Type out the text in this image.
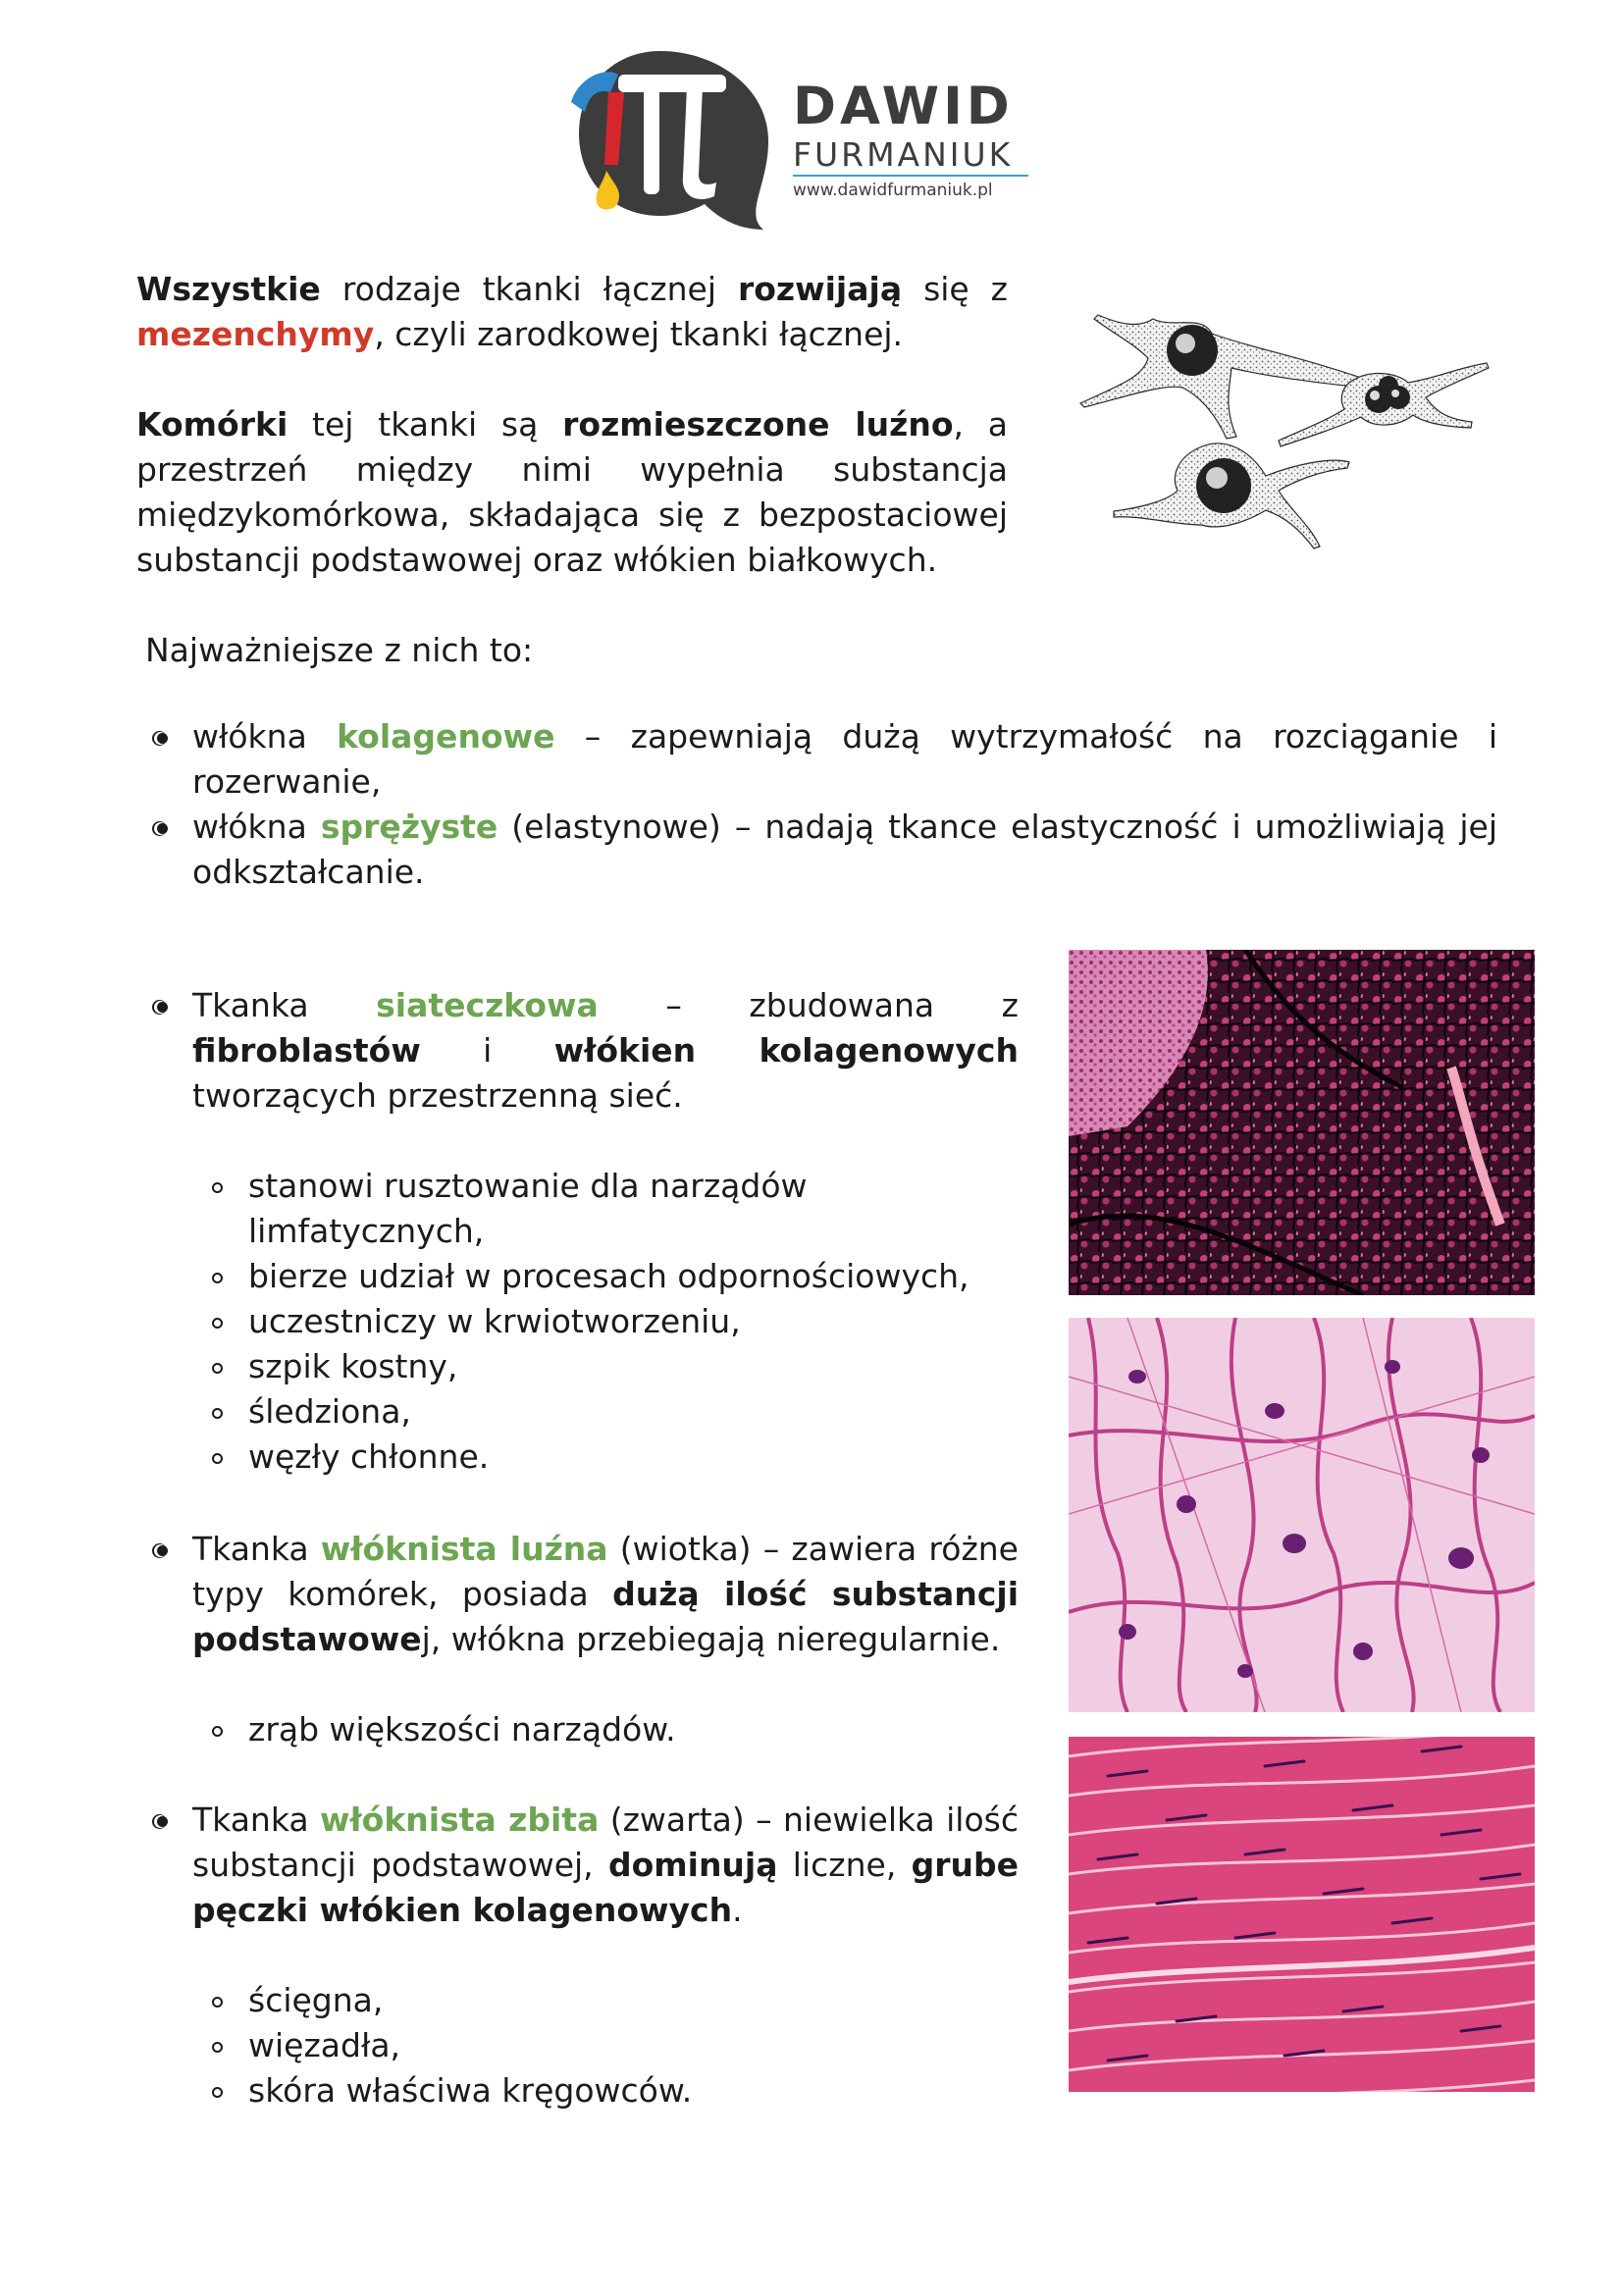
DAWID
FURMANIUK
www.dawidfurmaniuk.pl

Wszystkie rodzaje tkanki łącznej rozwijają się z mezenchymy, czyli zarodkowej tkanki łącznej.

Komórki tej tkanki są rozmieszczone luźno, a przestrzeń między nimi wypełnia substancja międzykomórkowa, składająca się z bezpostaciowej substancji podstawowej oraz włókien białkowych.

Najważniejsze z nich to:
włókna kolagenowe – zapewniają dużą wytrzymałość na rozciąganie i rozerwanie,
włókna sprężyste (elastynowe) – nadają tkance elastyczność i umożliwiają jej odkształcanie.

Tkanka siateczkowa – zbudowana z fibroblastów i włókien kolagenowych tworzących przestrzenną sieć.

stanowi rusztowanie dla narządów limfatycznych,
bierze udział w procesach odpornościowych,
uczestniczy w krwiotworzeniu,
szpik kostny,
śledziona,
węzły chłonne.

Tkanka włóknista luźna (wiotka) – zawiera różne typy komórek, posiada dużą ilość substancji podstawowej, włókna przebiegają nieregularnie.

zrąb większości narządów.

Tkanka włóknista zbita (zwarta) – niewielka ilość substancji podstawowej, dominują liczne, grube pęczki włókien kolagenowych.

ścięgna,
więzadła,
skóra właściwa kręgowców.
